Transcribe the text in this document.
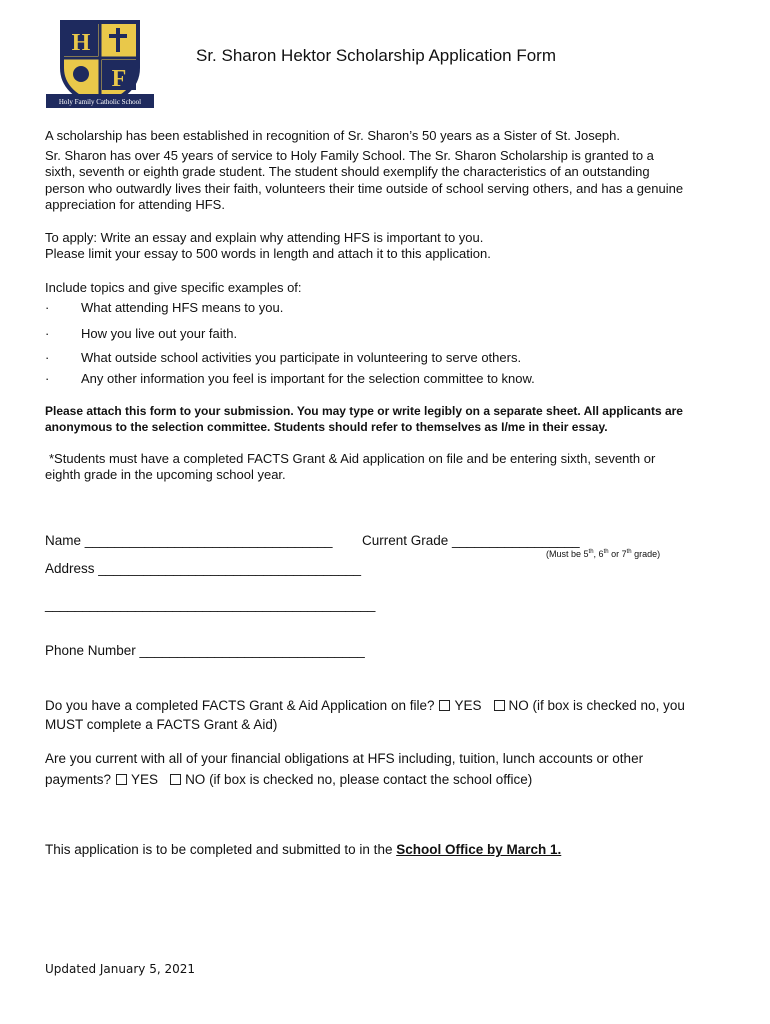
H
F
Holy Family Catholic School
Sr. Sharon Hektor Scholarship Application Form
A scholarship has been established in recognition of Sr. Sharon’s 50 years as a Sister of St. Joseph.
Sr. Sharon has over 45 years of service to Holy Family School. The Sr. Sharon Scholarship is granted to a
sixth, seventh or eighth grade student. The student should exemplify the characteristics of an outstanding
person who outwardly lives their faith, volunteers their time outside of school serving others, and has a genuine
appreciation for attending HFS.
To apply: Write an essay and explain why attending HFS is important to you.
Please limit your essay to 500 words in length and attach it to this application.
Include topics and give specific examples of:
· What attending HFS means to you.
· How you live out your faith.
· What outside school activities you participate in volunteering to serve others.
· Any other information you feel is important for the selection committee to know.
Please attach this form to your submission. You may type or write legibly on a separate sheet. All applicants are
anonymous to the selection committee. Students should refer to themselves as I/me in their essay.
*Students must have a completed FACTS Grant & Aid application on file and be entering sixth, seventh or
eighth grade in the upcoming school year.
Name _________________________________ Current Grade _________________
(Must be 5th, 6th or 7th grade)
Address ___________________________________
____________________________________________
Phone Number ______________________________
Do you have a completed FACTS Grant & Aid Application on file? YES NO (if box is checked no, you
MUST complete a FACTS Grant & Aid)
Are you current with all of your financial obligations at HFS including, tuition, lunch accounts or other
payments? YES NO (if box is checked no, please contact the school office)
This application is to be completed and submitted to in the School Office by March 1.
Updated January 5, 2021
